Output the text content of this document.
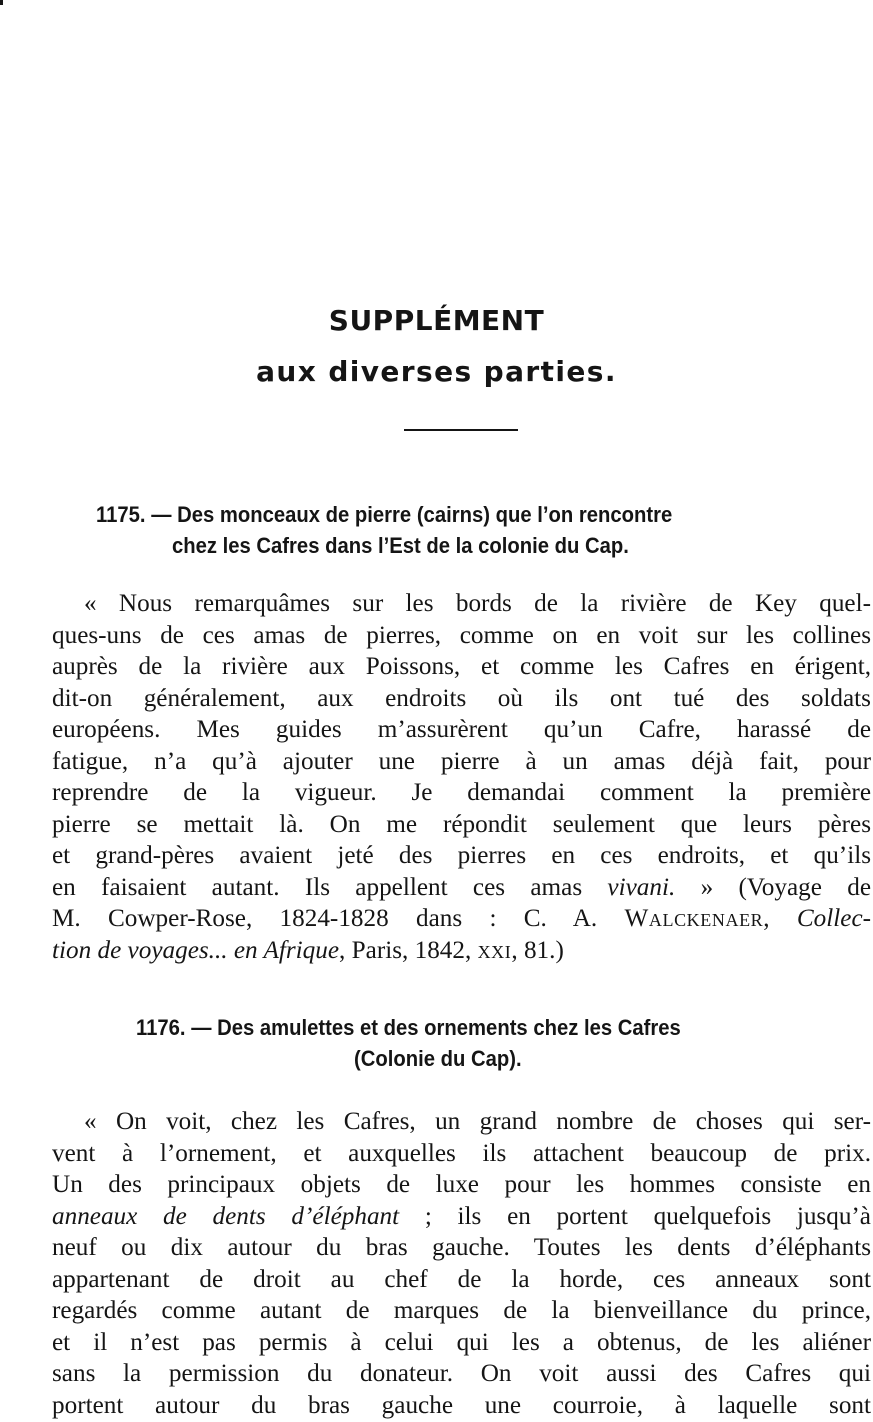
SUPPLÉMENT
aux diverses parties.
1175. — Des monceaux de pierre (cairns) que l’on rencontre
chez les Cafres dans l’Est de la colonie du Cap.
« Nous remarquâmes sur les bords de la rivière de Key quel-
ques-uns de ces amas de pierres, comme on en voit sur les collines
auprès de la rivière aux Poissons, et comme les Cafres en érigent,
dit-on généralement, aux endroits où ils ont tué des soldats
européens. Mes guides m’assurèrent qu’un Cafre, harassé de
fatigue, n’a qu’à ajouter une pierre à un amas déjà fait, pour
reprendre de la vigueur. Je demandai comment la première
pierre se mettait là. On me répondit seulement que leurs pères
et grand-pères avaient jeté des pierres en ces endroits, et qu’ils
en faisaient autant. Ils appellent ces amas vivani. » (Voyage de
M. Cowper-Rose, 1824-1828 dans : C. A. Walckenaer, Collec-
tion de voyages... en Afrique, Paris, 1842, xxi, 81.)
1176. — Des amulettes et des ornements chez les Cafres
(Colonie du Cap).
« On voit, chez les Cafres, un grand nombre de choses qui ser-
vent à l’ornement, et auxquelles ils attachent beaucoup de prix.
Un des principaux objets de luxe pour les hommes consiste en
anneaux de dents d’éléphant ; ils en portent quelquefois jusqu’à
neuf ou dix autour du bras gauche. Toutes les dents d’éléphants
appartenant de droit au chef de la horde, ces anneaux sont
regardés comme autant de marques de la bienveillance du prince,
et il n’est pas permis à celui qui les a obtenus, de les aliéner
sans la permission du donateur. On voit aussi des Cafres qui
portent autour du bras gauche une courroie, à laquelle sont
